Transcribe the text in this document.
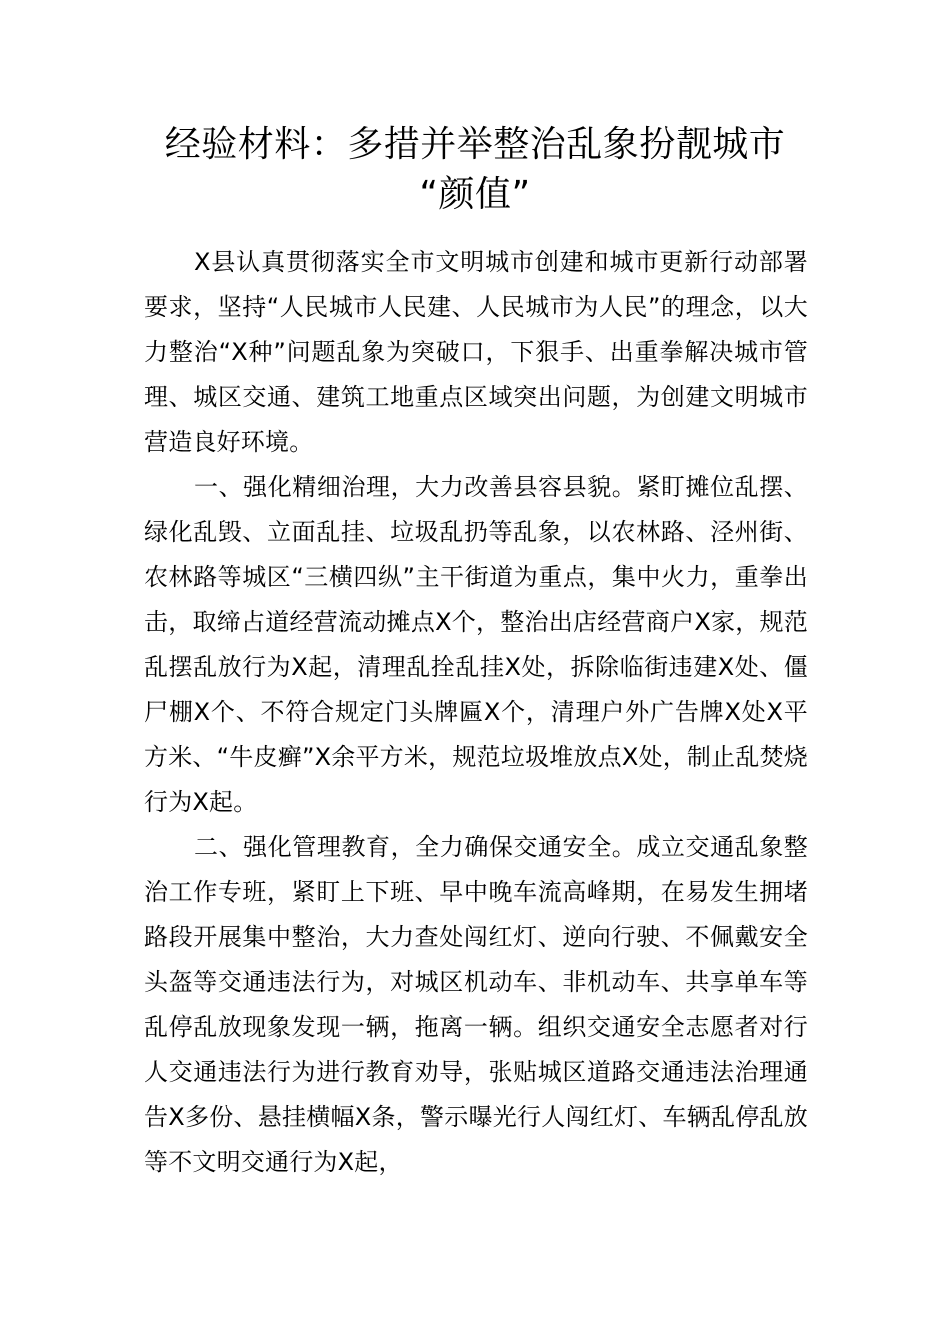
经验材料：多措并举整治乱象扮靓城市
“颜值”

X县认真贯彻落实全市文明城市创建和城市更新行动部署要求，坚持“人民城市人民建、人民城市为人民”的理念，以大力整治“X种”问题乱象为突破口，下狠手、出重拳解决城市管理、城区交通、建筑工地重点区域突出问题，为创建文明城市营造良好环境。

一、强化精细治理，大力改善县容县貌。紧盯摊位乱摆、绿化乱毁、立面乱挂、垃圾乱扔等乱象，以农林路、泾州街、农林路等城区“三横四纵”主干街道为重点，集中火力，重拳出击，取缔占道经营流动摊点X个，整治出店经营商户X家，规范乱摆乱放行为X起，清理乱拴乱挂X处，拆除临街违建X处、僵尸棚X个、不符合规定门头牌匾X个，清理户外广告牌X处X平方米、“牛皮癣”X余平方米，规范垃圾堆放点X处，制止乱焚烧行为X起。

二、强化管理教育，全力确保交通安全。成立交通乱象整治工作专班，紧盯上下班、早中晚车流高峰期，在易发生拥堵路段开展集中整治，大力查处闯红灯、逆向行驶、不佩戴安全头盔等交通违法行为，对城区机动车、非机动车、共享单车等乱停乱放现象发现一辆，拖离一辆。组织交通安全志愿者对行人交通违法行为进行教育劝导，张贴城区道路交通违法治理通告X多份、悬挂横幅X条，警示曝光行人闯红灯、车辆乱停乱放等不文明交通行为X起，
